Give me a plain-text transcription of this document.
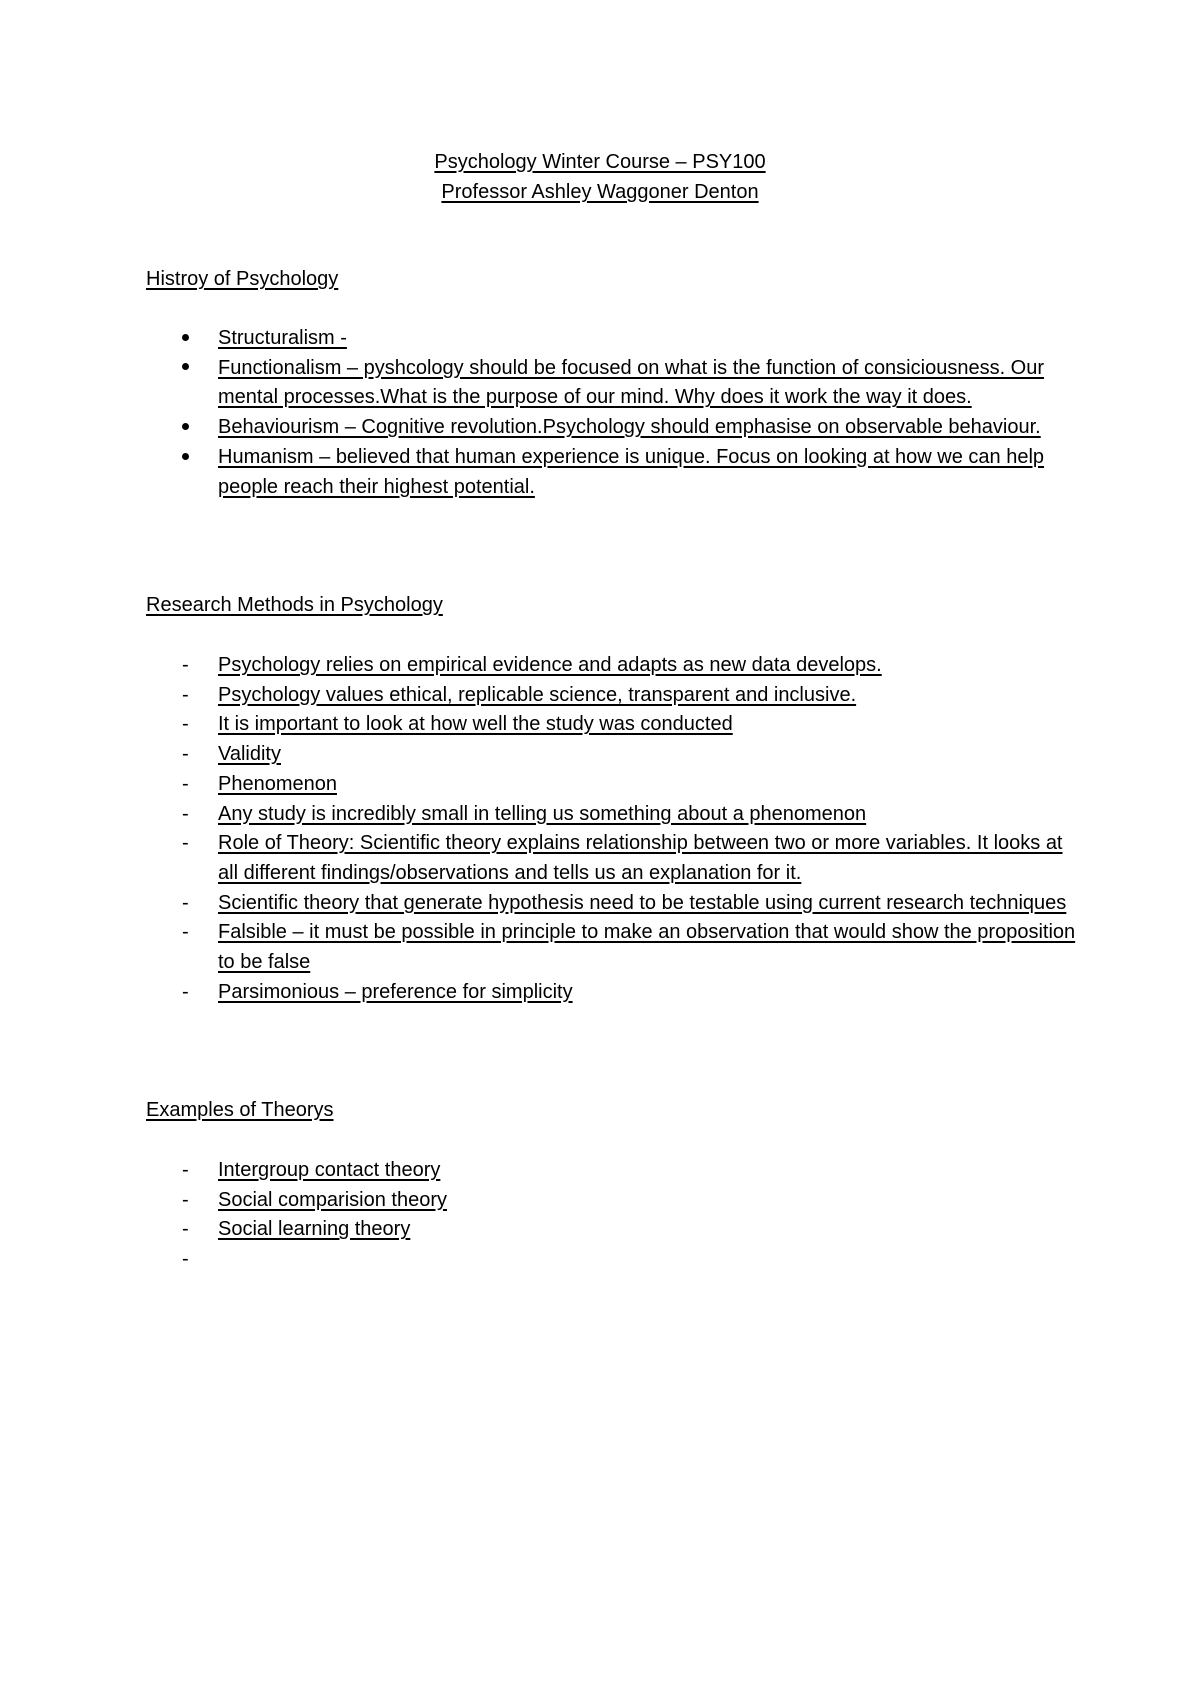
Psychology Winter Course – PSY100
Professor Ashley Waggoner Denton
Histroy of Psychology
Structuralism -
Functionalism – pyshcology should be focused on what is the function of consiciousness. Our mental processes.What is the purpose of our mind. Why does it work the way it does.
Behaviourism – Cognitive revolution.Psychology should emphasise on observable behaviour.
Humanism – believed that human experience is unique. Focus on looking at how we can help people reach their highest potential.
Research Methods in Psychology
-	Psychology relies on empirical evidence and adapts as new data develops.
-	Psychology values ethical, replicable science, transparent and inclusive.
-	It is important to look at how well the study was conducted
-	Validity
-	Phenomenon
-	Any study is incredibly small in telling us something about a phenomenon
-	Role of Theory: Scientific theory explains relationship between two or more variables. It looks at all different findings/observations and tells us an explanation for it.
-	Scientific theory that generate hypothesis need to be testable using current research techniques
-	Falsible – it must be possible in principle to make an observation that would show the proposition to be false
-	Parsimonious – preference for simplicity
Examples of Theorys
-	Intergroup contact theory
-	Social comparision theory
-	Social learning theory
-
